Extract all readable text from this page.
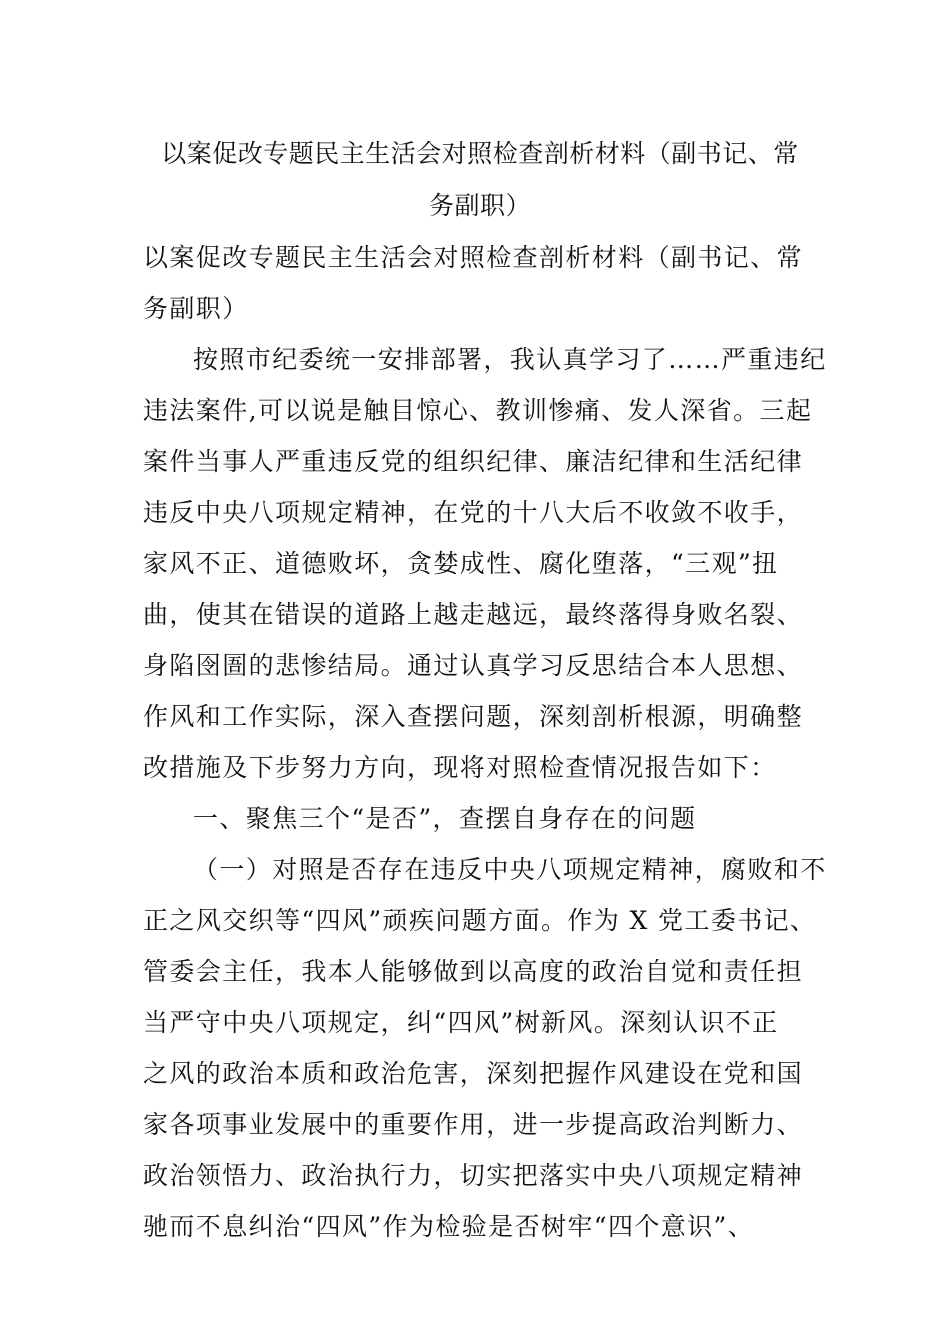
以案促改专题民主生活会对照检查剖析材料（副书记、常
务副职）
以案促改专题民主生活会对照检查剖析材料（副书记、常
务副职）
按照市纪委统一安排部署，我认真学习了……严重违纪
违法案件,可以说是触目惊心、教训惨痛、发人深省。三起
案件当事人严重违反党的组织纪律、廉洁纪律和生活纪律
违反中央八项规定精神，在党的十八大后不收敛不收手，
家风不正、道德败坏，贪婪成性、腐化堕落，“三观”扭
曲，使其在错误的道路上越走越远，最终落得身败名裂、
身陷囹圄的悲惨结局。通过认真学习反思结合本人思想、
作风和工作实际，深入查摆问题，深刻剖析根源，明确整
改措施及下步努力方向，现将对照检查情况报告如下：
一、聚焦三个“是否”，查摆自身存在的问题
（一）对照是否存在违反中央八项规定精神，腐败和不
正之风交织等“四风”顽疾问题方面。作为 X 党工委书记、
管委会主任，我本人能够做到以高度的政治自觉和责任担
当严守中央八项规定，纠“四风”树新风。深刻认识不正
之风的政治本质和政治危害，深刻把握作风建设在党和国
家各项事业发展中的重要作用，进一步提高政治判断力、
政治领悟力、政治执行力，切实把落实中央八项规定精神
驰而不息纠治“四风”作为检验是否树牢“四个意识”、
